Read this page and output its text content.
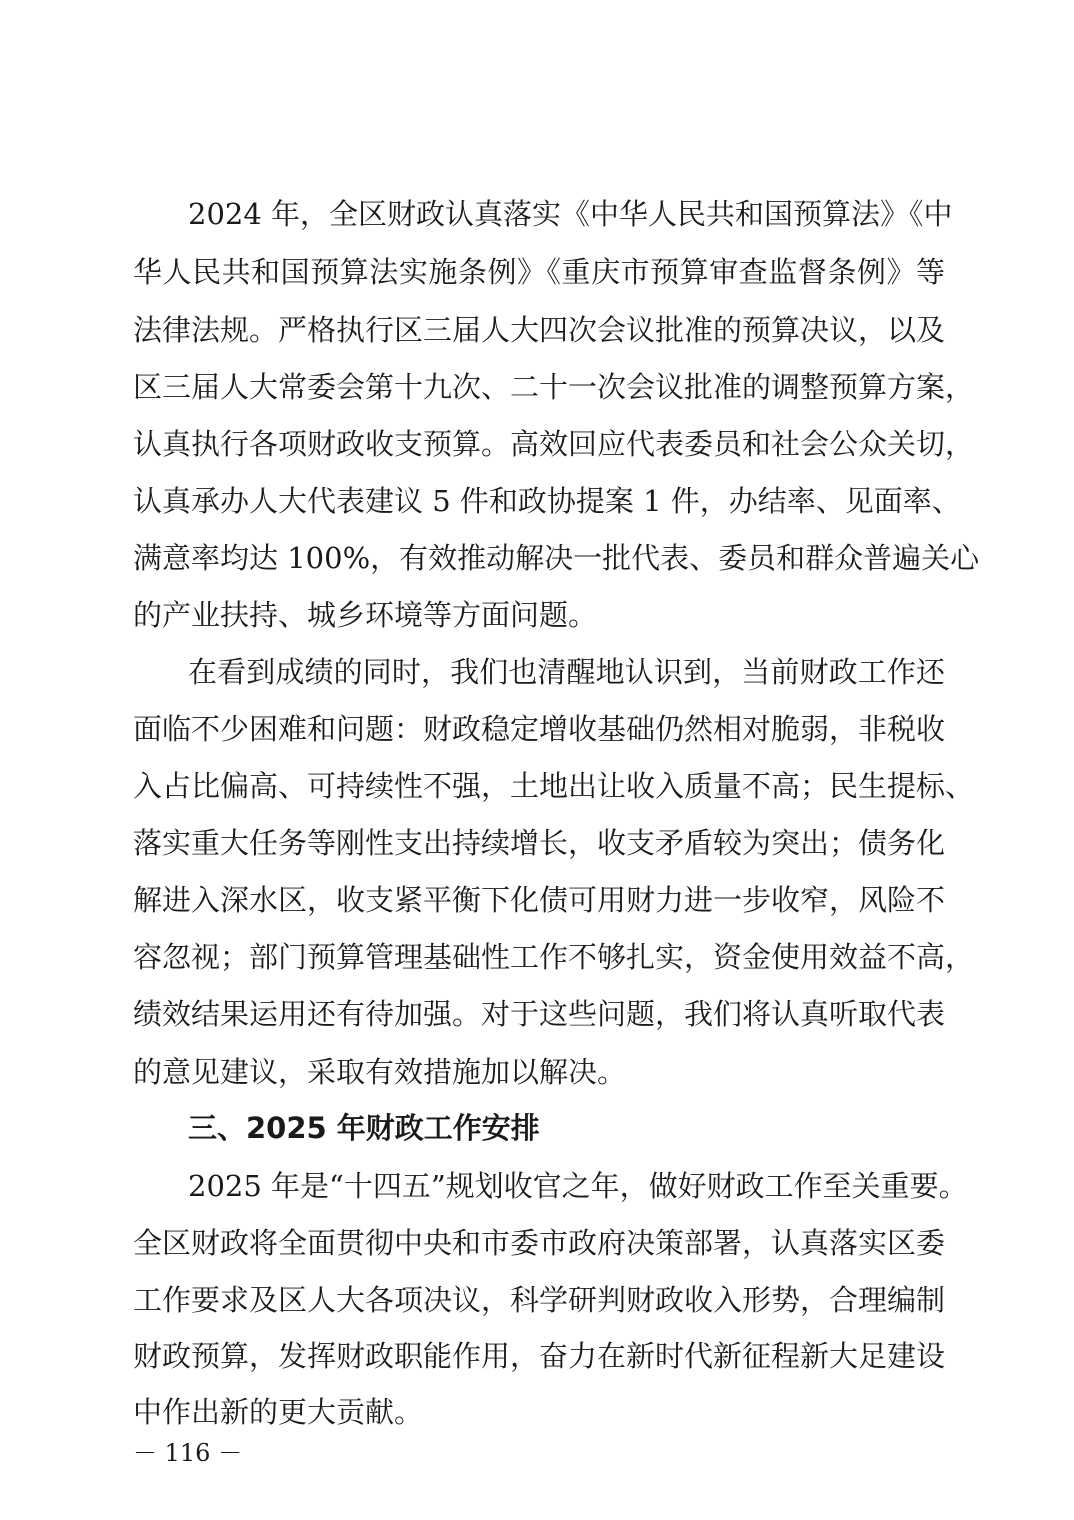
2024 年，全区财政认真落实《中华人民共和国预算法》《中
华人民共和国预算法实施条例》《重庆市预算审查监督条例》等
法律法规。严格执行区三届人大四次会议批准的预算决议，以及
区三届人大常委会第十九次、二十一次会议批准的调整预算方案，
认真执行各项财政收支预算。高效回应代表委员和社会公众关切，
认真承办人大代表建议 5 件和政协提案 1 件，办结率、见面率、
满意率均达 100%，有效推动解决一批代表、委员和群众普遍关心
的产业扶持、城乡环境等方面问题。
在看到成绩的同时，我们也清醒地认识到，当前财政工作还
面临不少困难和问题：财政稳定增收基础仍然相对脆弱，非税收
入占比偏高、可持续性不强，土地出让收入质量不高；民生提标、
落实重大任务等刚性支出持续增长，收支矛盾较为突出；债务化
解进入深水区，收支紧平衡下化债可用财力进一步收窄，风险不
容忽视；部门预算管理基础性工作不够扎实，资金使用效益不高，
绩效结果运用还有待加强。对于这些问题，我们将认真听取代表
的意见建议，采取有效措施加以解决。
三、2025 年财政工作安排
2025 年是“十四五”规划收官之年，做好财政工作至关重要。
全区财政将全面贯彻中央和市委市政府决策部署，认真落实区委
工作要求及区人大各项决议，科学研判财政收入形势，合理编制
财政预算，发挥财政职能作用，奋力在新时代新征程新大足建设
中作出新的更大贡献。
－ 116 －
